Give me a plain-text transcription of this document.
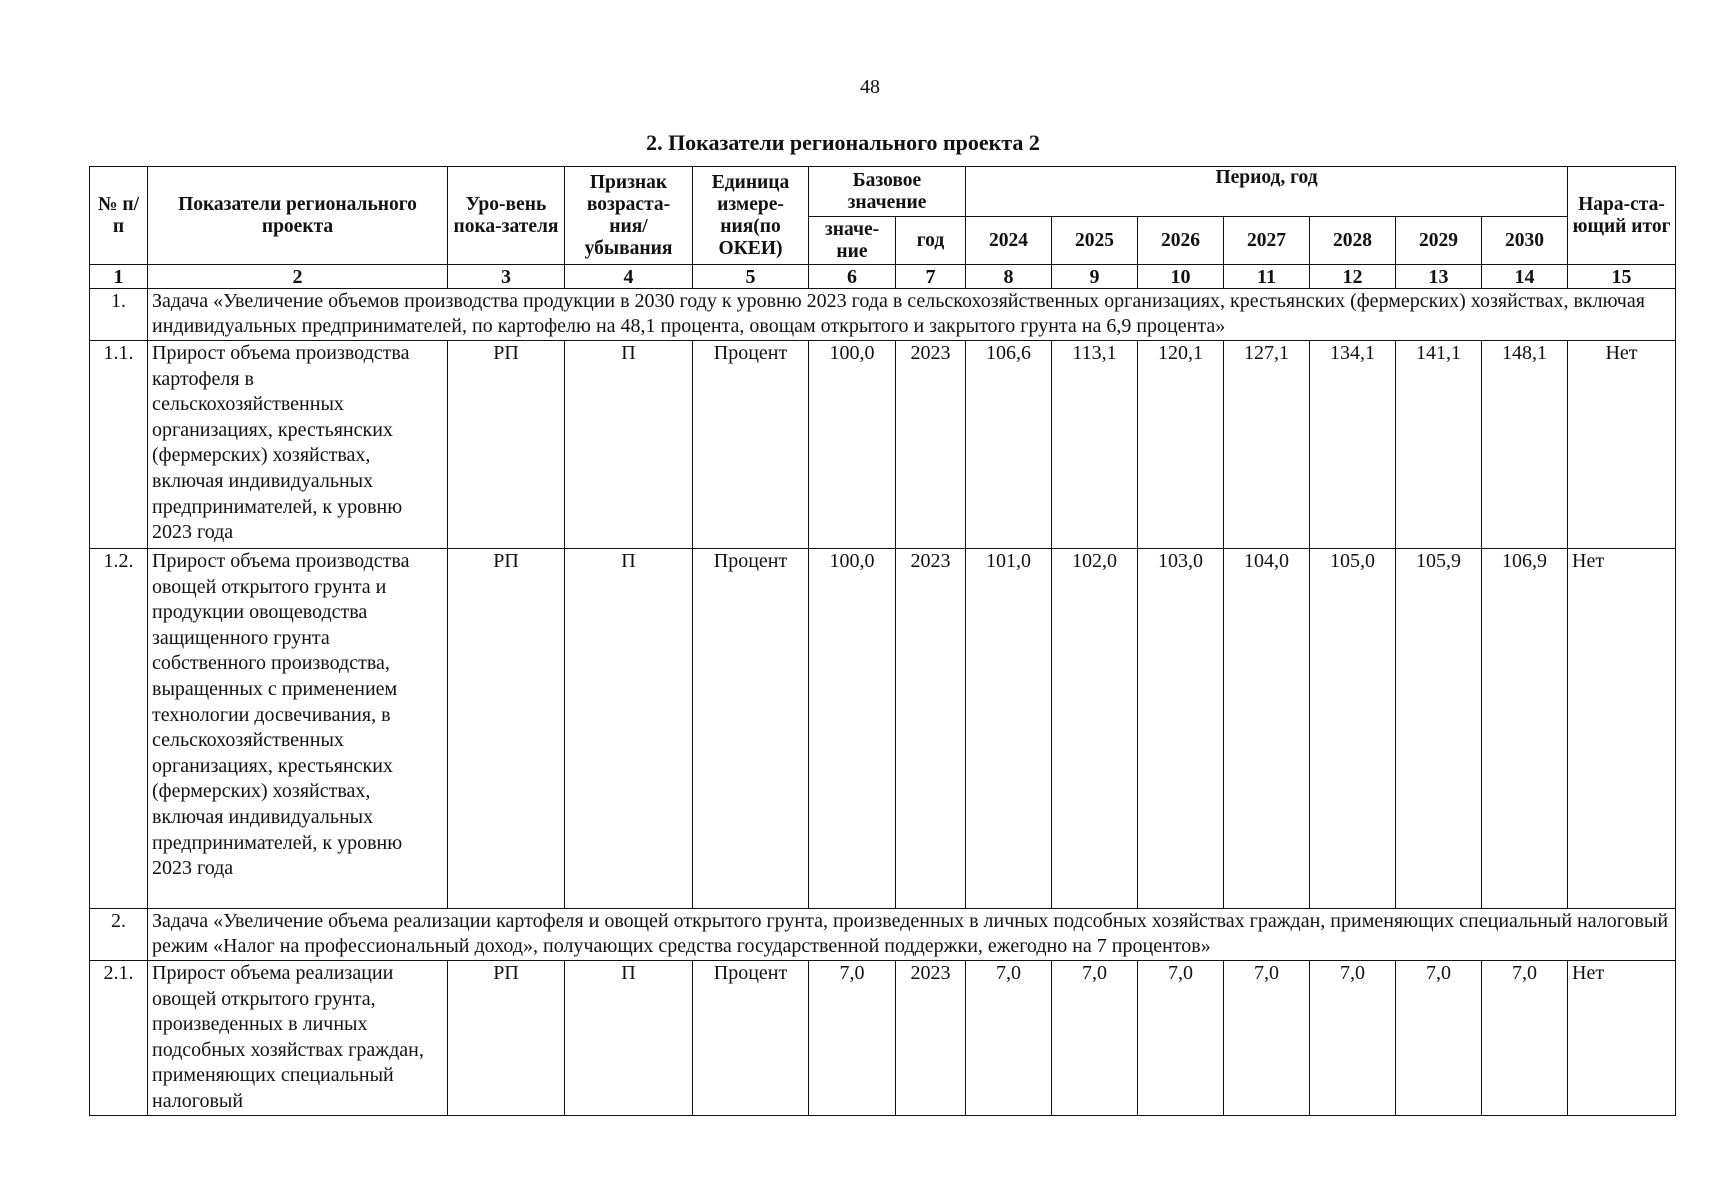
48
2. Показатели регионального проекта 2
№ п/п	Показатели регионального проекта	Уро-вень пока-зателя	Признак возраста-ния/ убывания	Единица измере-ния(по ОКЕИ)	Базовое значение		Период, год							Нара-ста-ющий итог
					значе-ние	год	2024	2025	2026	2027	2028	2029	2030	
1	2	3	4	5	6	7	8	9	10	11	12	13	14	15
1.	Задача «Увеличение объемов производства продукции в 2030 году к уровню 2023 года в сельскохозяйственных организациях, крестьянских (фермерских) хозяйствах, включая индивидуальных предпринимателей, по картофелю на 48,1 процента, овощам открытого и закрытого грунта на 6,9 процента»													
1.1.	Прирост объема производства картофеля в сельскохозяйственных организациях, крестьянских (фермерских) хозяйствах, включая индивидуальных предпринимателей, к уровню 2023 года	РП	П	Процент	100,0	2023	106,6	113,1	120,1	127,1	134,1	141,1	148,1	Нет
1.2.	Прирост объема производства овощей открытого грунта и продукции овощеводства защищенного грунта собственного производства, выращенных с применением технологии досвечивания, в сельскохозяйственных организациях, крестьянских (фермерских) хозяйствах, включая индивидуальных предпринимателей, к уровню 2023 года	РП	П	Процент	100,0	2023	101,0	102,0	103,0	104,0	105,0	105,9	106,9	Нет
2.	Задача «Увеличение объема реализации картофеля и овощей открытого грунта, произведенных в личных подсобных хозяйствах граждан, применяющих специальный налоговый режим «Налог на профессиональный доход», получающих средства государственной поддержки, ежегодно на 7 процентов»													
2.1.	Прирост объема реализации овощей открытого грунта, произведенных в личных подсобных хозяйствах граждан, применяющих специальный налоговый	РП	П	Процент	7,0	2023	7,0	7,0	7,0	7,0	7,0	7,0	7,0	Нет
